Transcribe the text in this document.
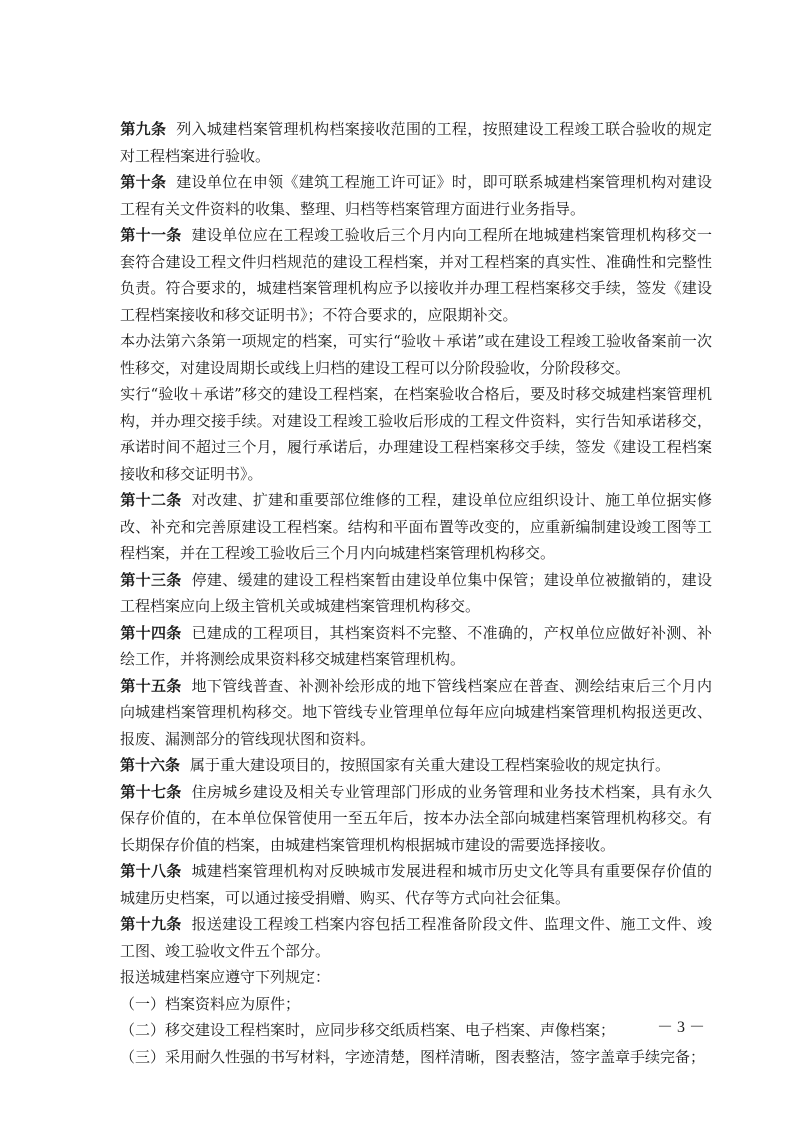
第九条 列入城建档案管理机构档案接收范围的工程，按照建设工程竣工联合验收的规定对工程档案进行验收。

第十条 建设单位在申领《建筑工程施工许可证》时，即可联系城建档案管理机构对建设工程有关文件资料的收集、整理、归档等档案管理方面进行业务指导。

第十一条 建设单位应在工程竣工验收后三个月内向工程所在地城建档案管理机构移交一套符合建设工程文件归档规范的建设工程档案，并对工程档案的真实性、准确性和完整性负责。符合要求的，城建档案管理机构应予以接收并办理工程档案移交手续，签发《建设工程档案接收和移交证明书》；不符合要求的，应限期补交。

本办法第六条第一项规定的档案，可实行“验收＋承诺”或在建设工程竣工验收备案前一次性移交，对建设周期长或线上归档的建设工程可以分阶段验收，分阶段移交。

实行“验收＋承诺”移交的建设工程档案，在档案验收合格后，要及时移交城建档案管理机构，并办理交接手续。对建设工程竣工验收后形成的工程文件资料，实行告知承诺移交，承诺时间不超过三个月，履行承诺后，办理建设工程档案移交手续，签发《建设工程档案接收和移交证明书》。

第十二条 对改建、扩建和重要部位维修的工程，建设单位应组织设计、施工单位据实修改、补充和完善原建设工程档案。结构和平面布置等改变的，应重新编制建设竣工图等工程档案，并在工程竣工验收后三个月内向城建档案管理机构移交。

第十三条 停建、缓建的建设工程档案暂由建设单位集中保管；建设单位被撤销的，建设工程档案应向上级主管机关或城建档案管理机构移交。

第十四条 已建成的工程项目，其档案资料不完整、不准确的，产权单位应做好补测、补绘工作，并将测绘成果资料移交城建档案管理机构。

第十五条 地下管线普查、补测补绘形成的地下管线档案应在普查、测绘结束后三个月内向城建档案管理机构移交。地下管线专业管理单位每年应向城建档案管理机构报送更改、报废、漏测部分的管线现状图和资料。

第十六条 属于重大建设项目的，按照国家有关重大建设工程档案验收的规定执行。

第十七条 住房城乡建设及相关专业管理部门形成的业务管理和业务技术档案，具有永久保存价值的，在本单位保管使用一至五年后，按本办法全部向城建档案管理机构移交。有长期保存价值的档案，由城建档案管理机构根据城市建设的需要选择接收。

第十八条 城建档案管理机构对反映城市发展进程和城市历史文化等具有重要保存价值的城建历史档案，可以通过接受捐赠、购买、代存等方式向社会征集。

第十九条 报送建设工程竣工档案内容包括工程准备阶段文件、监理文件、施工文件、竣工图、竣工验收文件五个部分。

报送城建档案应遵守下列规定：

（一）档案资料应为原件；

（二）移交建设工程档案时，应同步移交纸质档案、电子档案、声像档案；

（三）采用耐久性强的书写材料，字迹清楚，图样清晰，图表整洁，签字盖章手续完备；

－ 3 －
